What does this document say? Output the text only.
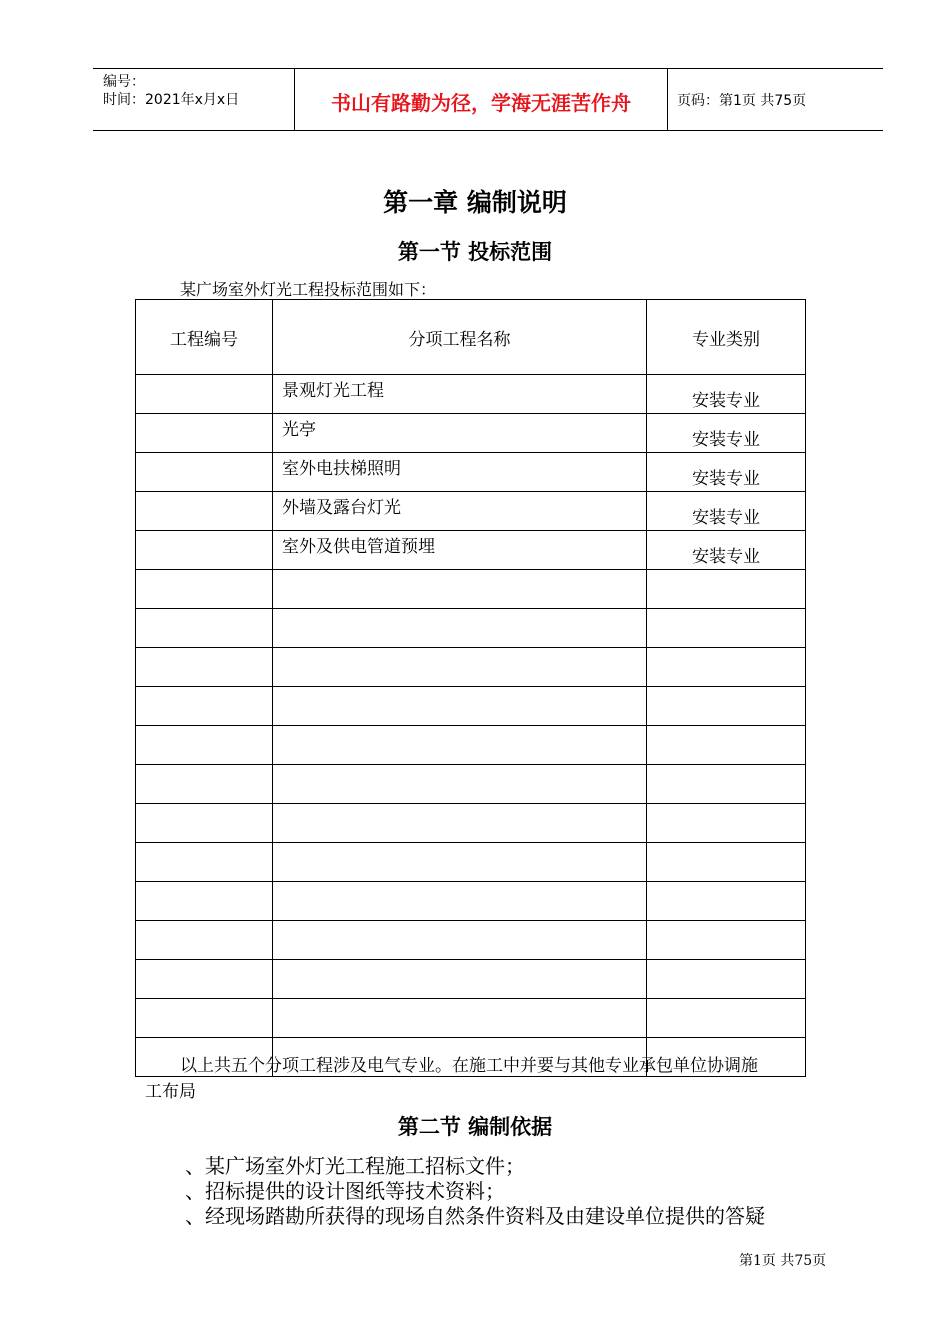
编号：
时间：2021年x月x日	书山有路勤为径，学海无涯苦作舟	页码：第1页 共75页
第一章 编制说明
第一节 投标范围
某广场室外灯光工程投标范围如下：
工程编号	分项工程名称	专业类别
	景观灯光工程	安装专业
	光亭	安装专业
	室外电扶梯照明	安装专业
	外墙及露台灯光	安装专业
	室外及供电管道预埋	安装专业

以上共五个分项工程涉及电气专业。在施工中并要与其他专业承包单位协调施
工布局
第二节 编制依据
、某广场室外灯光工程施工招标文件；
、招标提供的设计图纸等技术资料；
、经现场踏勘所获得的现场自然条件资料及由建设单位提供的答疑
第1页 共75页
